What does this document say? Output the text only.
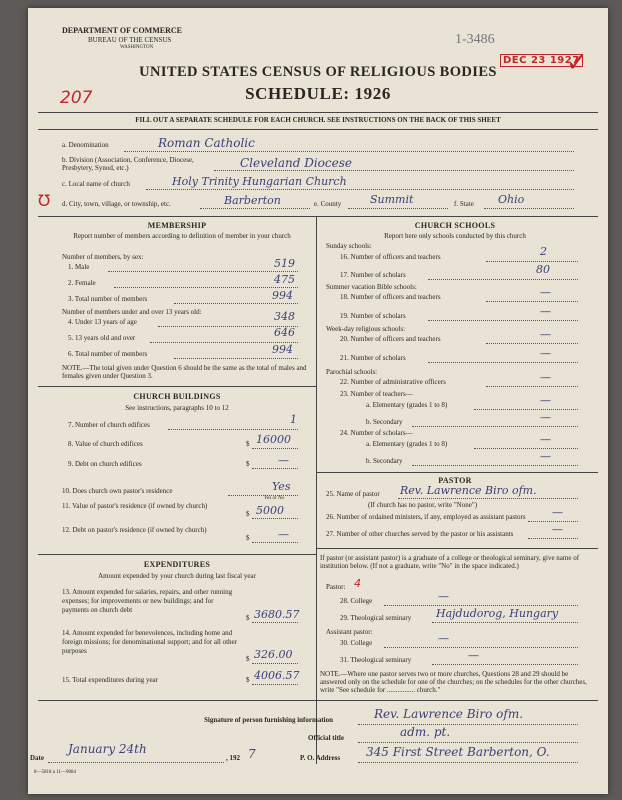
DEPARTMENT OF COMMERCE
BUREAU OF THE CENSUS
WASHINGTON
1-3486
DEC 23 1927
✓
UNITED STATES CENSUS OF RELIGIOUS BODIES
SCHEDULE: 1926
207
FILL OUT A SEPARATE SCHEDULE FOR EACH CHURCH. SEE INSTRUCTIONS ON THE BACK OF THIS SHEET
a. Denomination	Roman Catholic
b. Division (Association, Conference, Diocese, Presbytery, Synod, etc.)	Cleveland Diocese
c. Local name of church	Holy Trinity Hungarian Church
Ʊ d. City, town, village, or township, etc.	Barberton	e. County	Summit	f. State Ohio
MEMBERSHIP
Report number of members according to definition of member in your church
Number of members, by sex:
1. Male	519
2. Female	475
3. Total number of members	994
Number of members under and over 13 years old:
4. Under 13 years of age	348
5. 13 years old and over	646
6. Total number of members	994
NOTE.—The total given under Question 6 should be the same as the total of males and females given under Question 3.
CHURCH BUILDINGS
See instructions, paragraphs 10 to 12
7. Number of church edifices	1
8. Value of church edifices	$ 16000
9. Debt on church edifices	$	—
10. Does church own pastor's residence	Yes
Yes or No
11. Value of pastor's residence (if owned by church)
$ 5000
12. Debt on pastor's residence (if owned by church)
$	—
EXPENDITURES
Amount expended by your church during last fiscal year
13. Amount expended for salaries, repairs, and other running expenses; for improvements or new buildings; and for payments on church debt
$ 3680.57
14. Amount expended for benevolences, including home and foreign missions; for denominational support; and for all other purposes
$ 326.00
15. Total expenditures during year	$ 4006.57
CHURCH SCHOOLS
Report here only schools conducted by this church
Sunday schools:
16. Number of officers and teachers	2
17. Number of scholars	80
Summer vacation Bible schools:
18. Number of officers and teachers	—
19. Number of scholars	—
Week-day religious schools:
20. Number of officers and teachers	—
21. Number of scholars	—
Parochial schools:
22. Number of administrative officers	—
23. Number of teachers—
a. Elementary (grades 1 to 8)	—
b. Secondary	—
24. Number of scholars—
a. Elementary (grades 1 to 8)	—
b. Secondary	—
PASTOR
25. Name of pastor Rev. Lawrence Biro ofm.
(If church has no pastor, write "None")
26. Number of ordained ministers, if any, employed as assistant pastors —
27. Number of other churches served by the pastor or his assistants	—
If pastor (or assistant pastor) is a graduate of a college or theological seminary, give name of institution below. (If not a graduate, write "No" in the space indicated.)
Pastor: 4
28. College	—
29. Theological seminary Hajdudorog, Hungary
Assistant pastor:
30. College	—
31. Theological seminary	—
NOTE.—Where one pastor serves two or more churches, Questions 28 and 29 should be answered only on the schedule for one of the churches; on the schedules for the other churches, write "See schedule for ................ church."
Signature of person furnishing information	Rev. Lawrence Biro ofm.
Official title	adm. pt.
Date
January 24th
, 192 7	P. O. Address 345 First Street Barberton, O.
8—5818 a 11—9084
